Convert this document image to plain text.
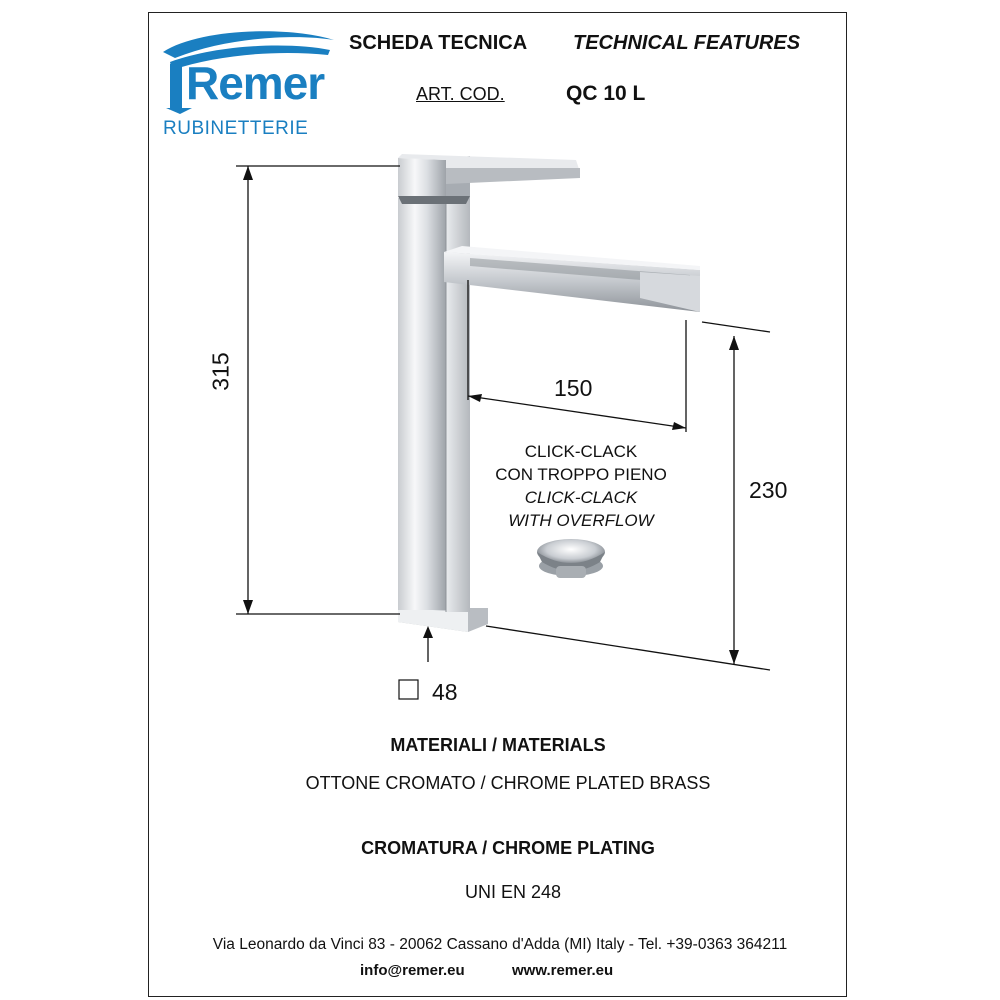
Remer
RUBINETTERIE
SCHEDA TECNICA TECHNICAL FEATURES
ART. COD.	QC 10 L
315	150
230
48
CLICK-CLACK
CON TROPPO PIENO
CLICK-CLACK
WITH OVERFLOW
MATERIALI / MATERIALS
OTTONE CROMATO / CHROME PLATED BRASS
CROMATURA / CHROME PLATING
UNI EN 248
Via Leonardo da Vinci 83 - 20062 Cassano d'Adda (MI) Italy - Tel. +39-0363 364211
info@remer.eu	www.remer.eu
